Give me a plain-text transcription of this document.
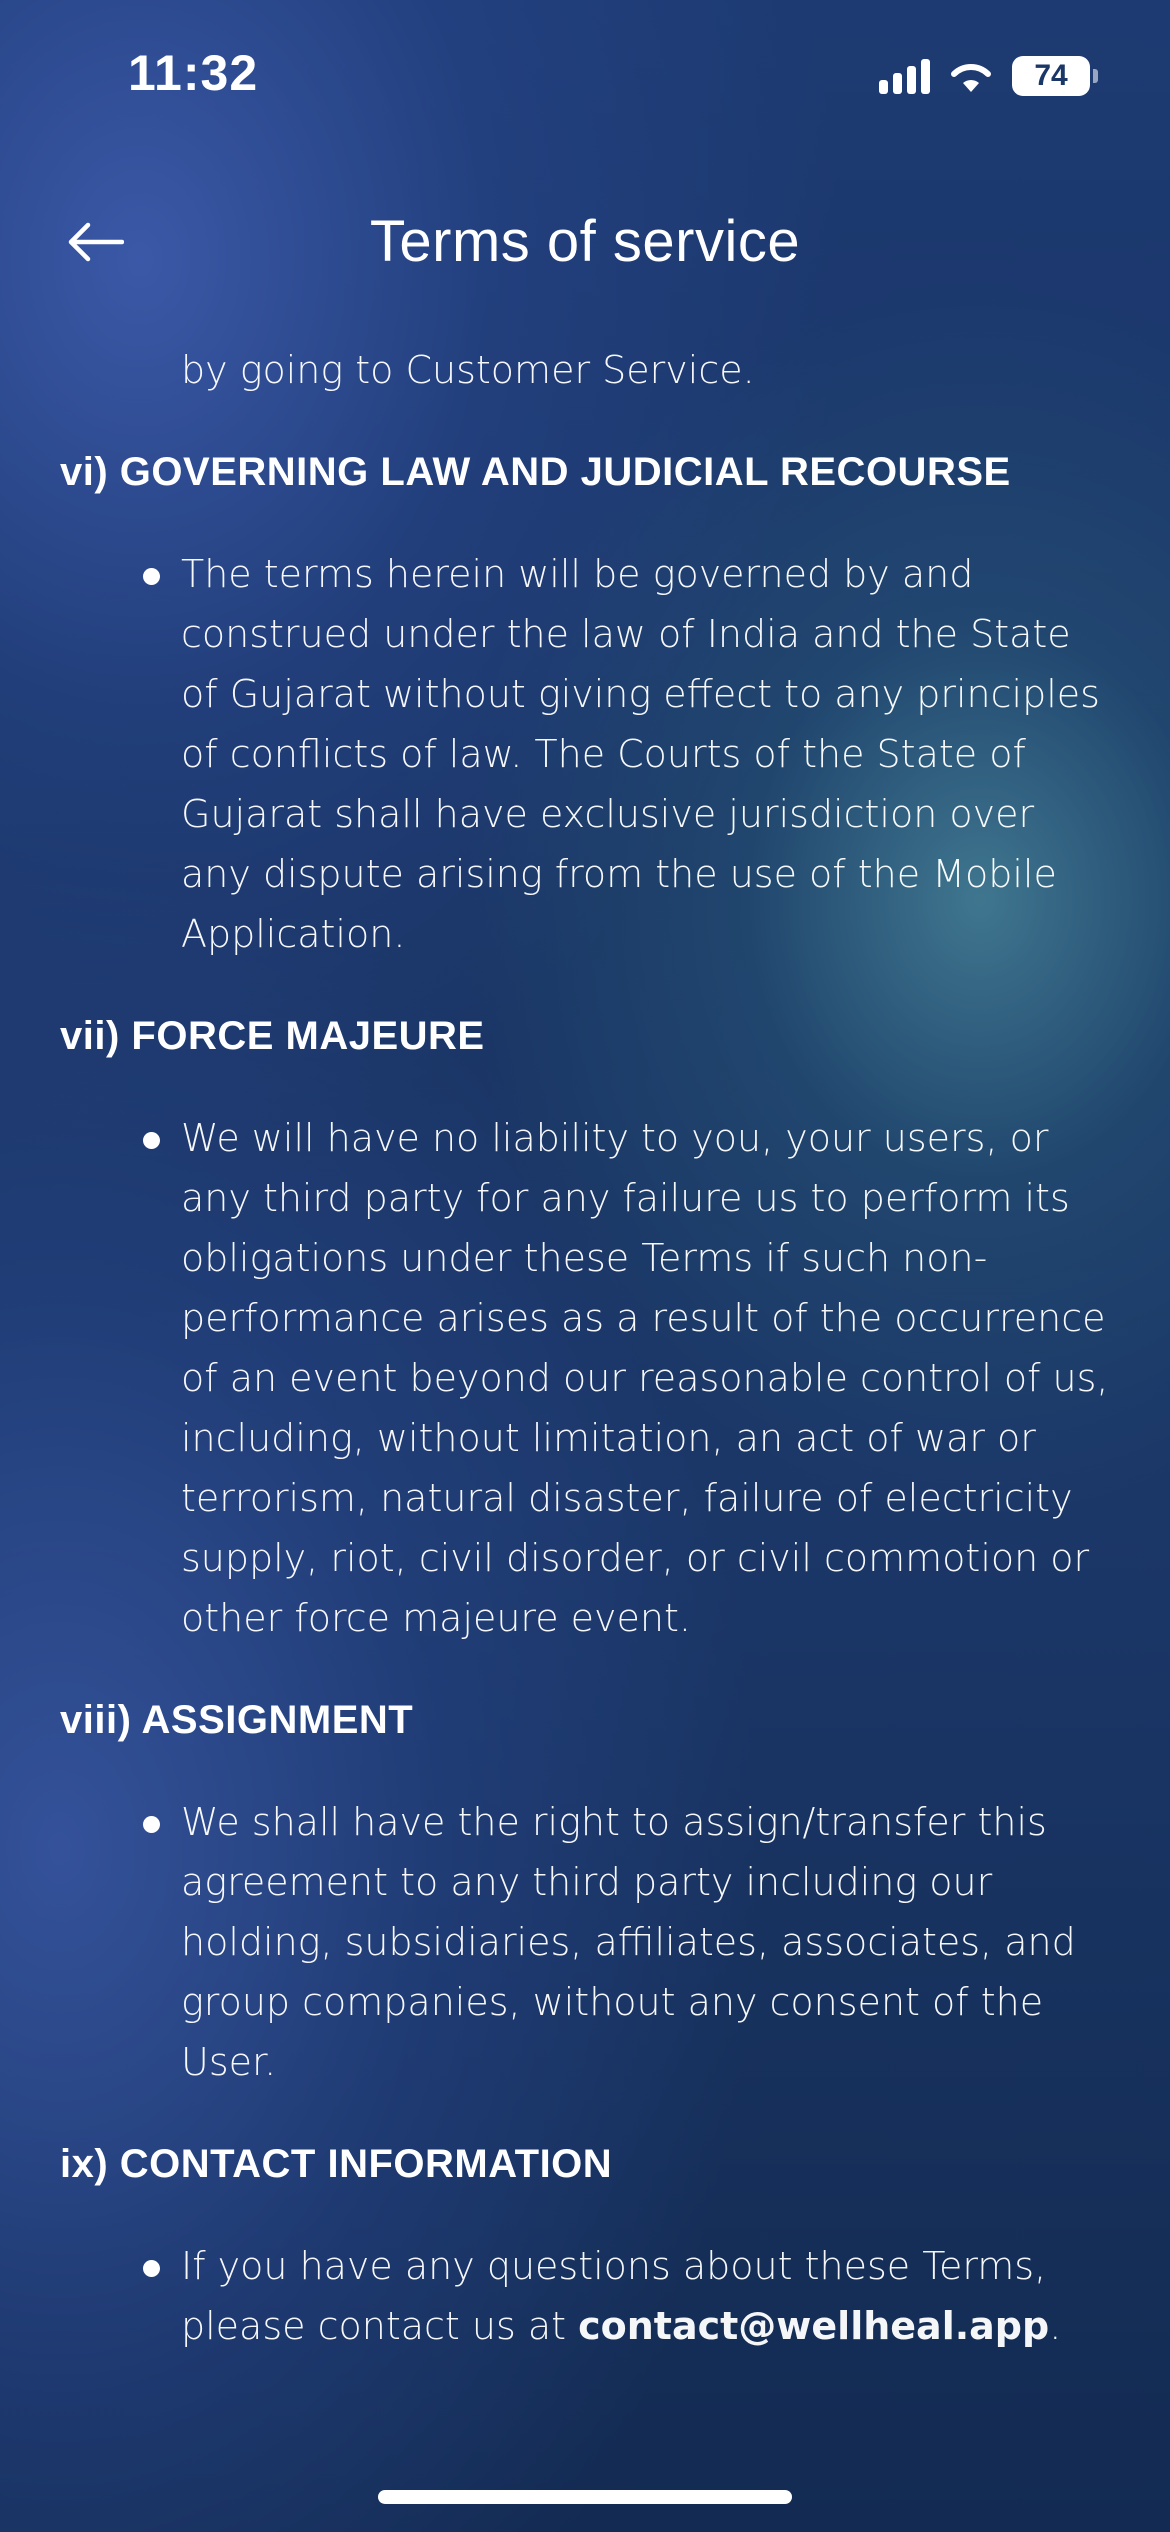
11:32	74
Terms of service
by going to Customer Service.
vi) GOVERNING LAW AND JUDICIAL RECOURSE
The terms herein will be governed by and construed under the law of India and the State of Gujarat without giving effect to any principles of conflicts of law. The Courts of the State of Gujarat shall have exclusive jurisdiction over any dispute arising from the use of the Mobile Application.
vii) FORCE MAJEURE
We will have no liability to you, your users, or any third party for any failure us to perform its obligations under these Terms if such non-performance arises as a result of the occurrence of an event beyond our reasonable control of us, including, without limitation, an act of war or terrorism, natural disaster, failure of electricity supply, riot, civil disorder, or civil commotion or other force majeure event.
viii) ASSIGNMENT
We shall have the right to assign/transfer this agreement to any third party including our holding, subsidiaries, affiliates, associates, and group companies, without any consent of the User.
ix) CONTACT INFORMATION
If you have any questions about these Terms, please contact us at contact@wellheal.app.
